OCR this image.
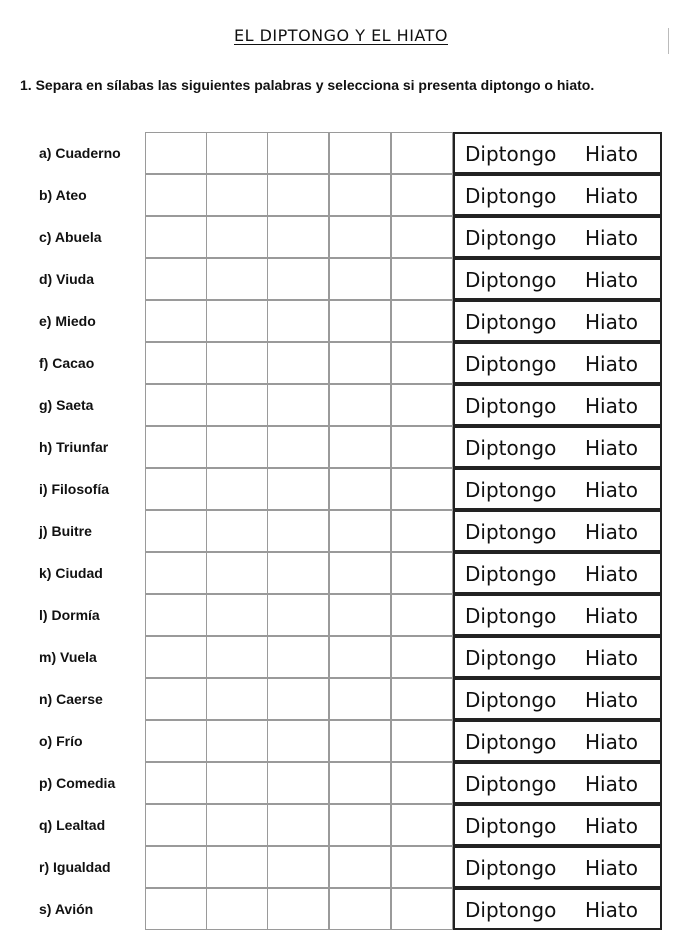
EL DIPTONGO Y EL HIATO
1. Separa en sílabas las siguientes palabras y selecciona si presenta diptongo o hiato.
a) Cuaderno	Diptongo Hiato
b) Ateo	Diptongo Hiato
c) Abuela	Diptongo Hiato
d) Viuda	Diptongo Hiato
e) Miedo	Diptongo Hiato
f) Cacao	Diptongo Hiato
g) Saeta	Diptongo Hiato
h) Triunfar	Diptongo Hiato
i) Filosofía	Diptongo Hiato
j) Buitre	Diptongo Hiato
k) Ciudad	Diptongo Hiato
l) Dormía	Diptongo Hiato
m) Vuela	Diptongo Hiato
n) Caerse	Diptongo Hiato
o) Frío	Diptongo Hiato
p) Comedia	Diptongo Hiato
q) Lealtad	Diptongo Hiato
r) Igualdad	Diptongo Hiato
s) Avión	Diptongo Hiato
